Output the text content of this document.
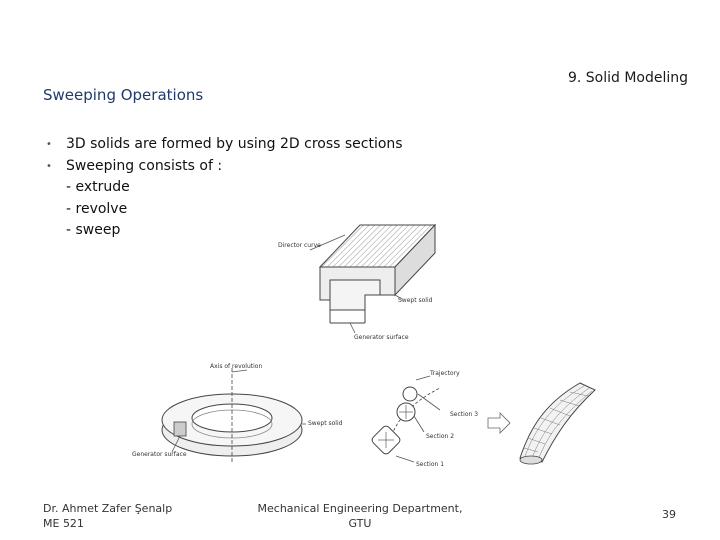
9. Solid Modeling
Sweeping Operations
•	3D solids are formed by using 2D cross sections
•	Sweeping consists of :
- extrude
- revolve
- sweep
Director curve
Swept solid
Generator surface
Axis of revolution
Swept solid
Generator surface
Trajectory
Section 3
Section 2
Section 1
Dr. Ahmet Zafer Şenalp
ME 521
Mechanical Engineering Department,
GTU
39
